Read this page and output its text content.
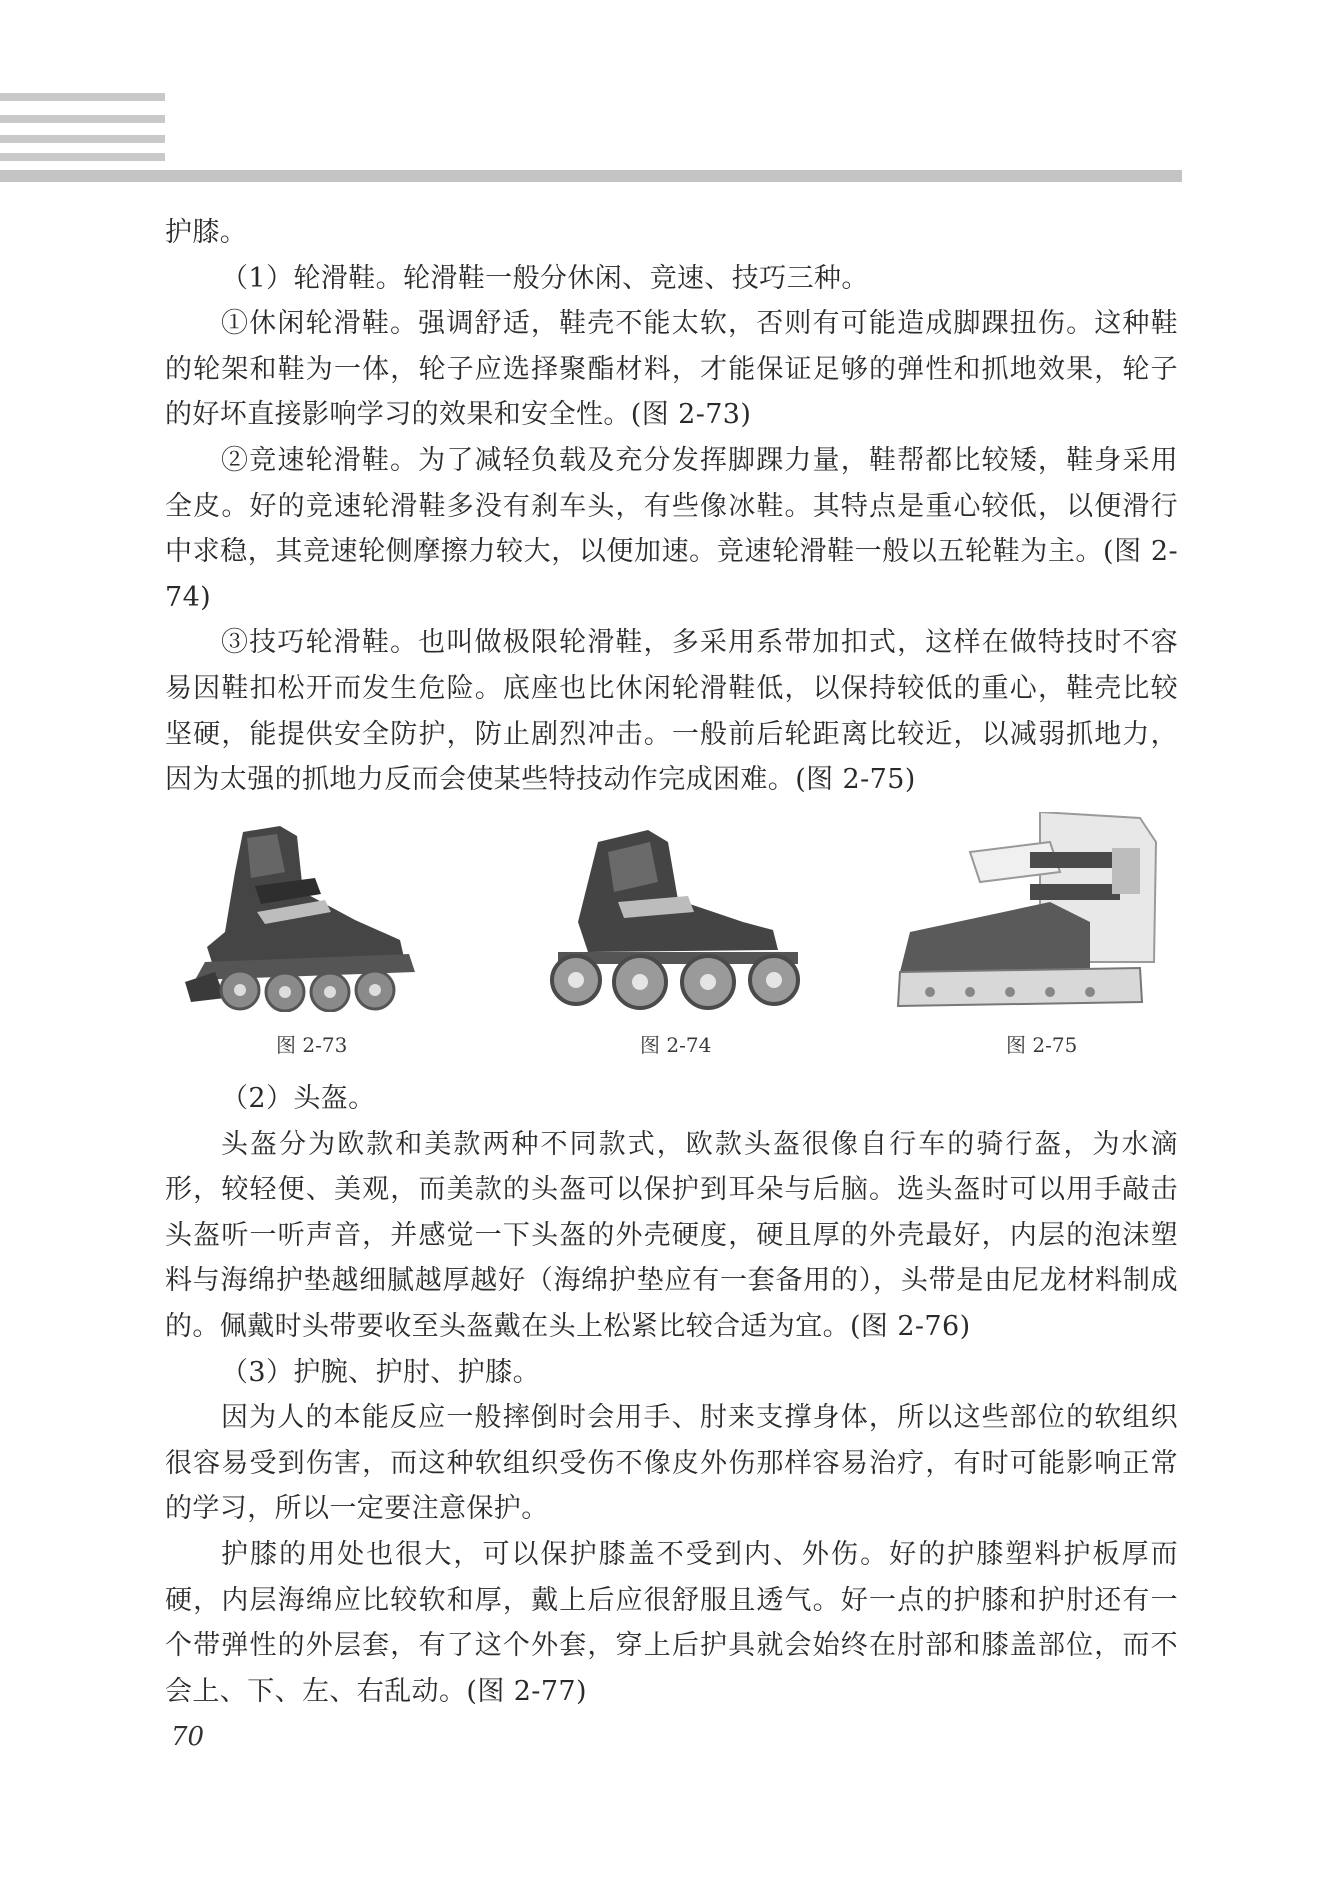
护膝。

（1）轮滑鞋。轮滑鞋一般分休闲、竞速、技巧三种。

①休闲轮滑鞋。强调舒适，鞋壳不能太软，否则有可能造成脚踝扭伤。这种鞋的轮架和鞋为一体，轮子应选择聚酯材料，才能保证足够的弹性和抓地效果，轮子的好坏直接影响学习的效果和安全性。(图 2-73)

②竞速轮滑鞋。为了减轻负载及充分发挥脚踝力量，鞋帮都比较矮，鞋身采用全皮。好的竞速轮滑鞋多没有刹车头，有些像冰鞋。其特点是重心较低，以便滑行中求稳，其竞速轮侧摩擦力较大，以便加速。竞速轮滑鞋一般以五轮鞋为主。(图 2-74)

③技巧轮滑鞋。也叫做极限轮滑鞋，多采用系带加扣式，这样在做特技时不容易因鞋扣松开而发生危险。底座也比休闲轮滑鞋低，以保持较低的重心，鞋壳比较坚硬，能提供安全防护，防止剧烈冲击。一般前后轮距离比较近，以减弱抓地力，因为太强的抓地力反而会使某些特技动作完成困难。(图 2-75)

图 2-73	图 2-74	图 2-75

（2）头盔。

头盔分为欧款和美款两种不同款式，欧款头盔很像自行车的骑行盔，为水滴形，较轻便、美观，而美款的头盔可以保护到耳朵与后脑。选头盔时可以用手敲击头盔听一听声音，并感觉一下头盔的外壳硬度，硬且厚的外壳最好，内层的泡沫塑料与海绵护垫越细腻越厚越好（海绵护垫应有一套备用的），头带是由尼龙材料制成的。佩戴时头带要收至头盔戴在头上松紧比较合适为宜。(图 2-76)

（3）护腕、护肘、护膝。

因为人的本能反应一般摔倒时会用手、肘来支撑身体，所以这些部位的软组织很容易受到伤害，而这种软组织受伤不像皮外伤那样容易治疗，有时可能影响正常的学习，所以一定要注意保护。

护膝的用处也很大，可以保护膝盖不受到内、外伤。好的护膝塑料护板厚而硬，内层海绵应比较软和厚，戴上后应很舒服且透气。好一点的护膝和护肘还有一个带弹性的外层套，有了这个外套，穿上后护具就会始终在肘部和膝盖部位，而不会上、下、左、右乱动。(图 2-77)

70
